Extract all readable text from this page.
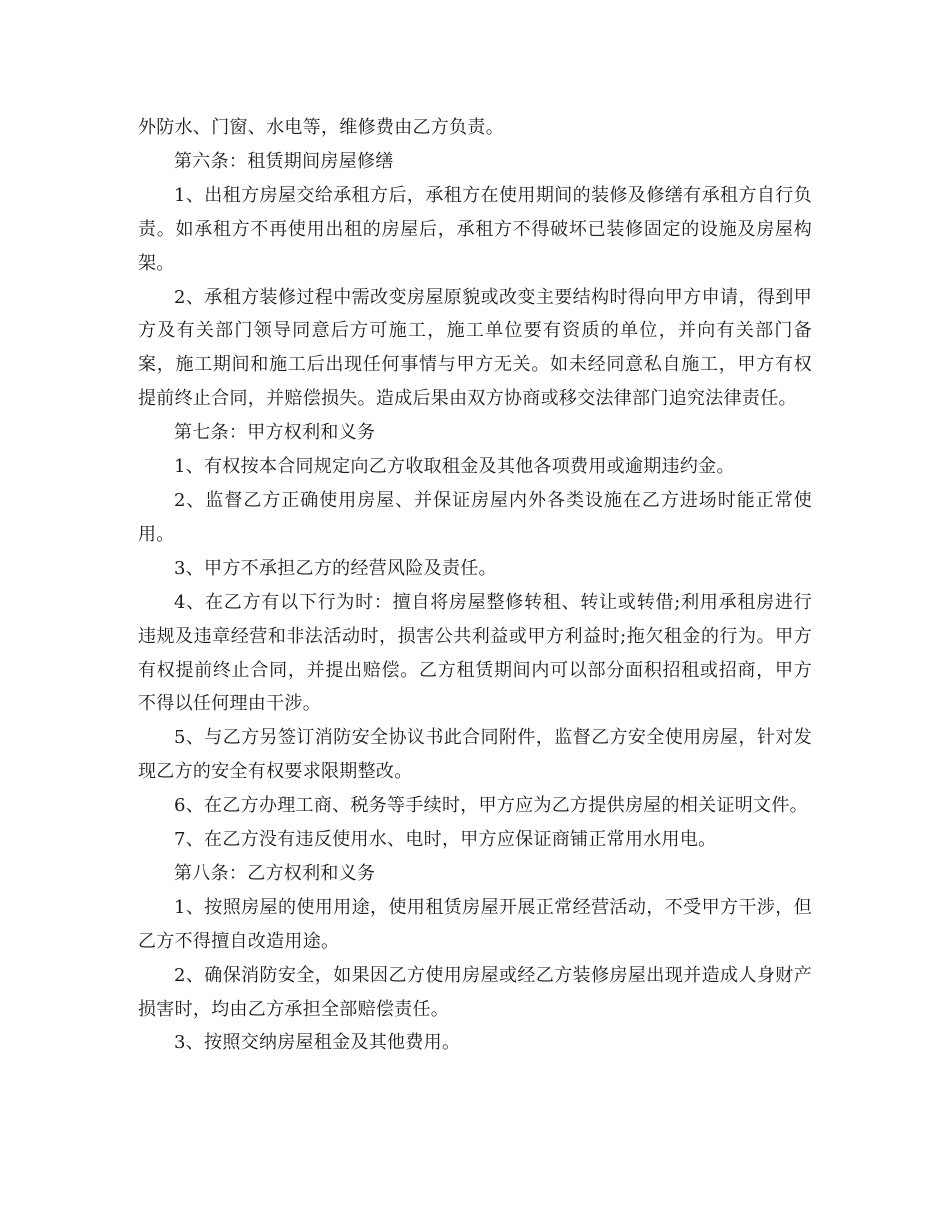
外防水、门窗、水电等，维修费由乙方负责。

第六条：租赁期间房屋修缮

1、出租方房屋交给承租方后，承租方在使用期间的装修及修缮有承租方自行负责。如承租方不再使用出租的房屋后，承租方不得破坏已装修固定的设施及房屋构架。

2、承租方装修过程中需改变房屋原貌或改变主要结构时得向甲方申请，得到甲方及有关部门领导同意后方可施工，施工单位要有资质的单位，并向有关部门备案，施工期间和施工后出现任何事情与甲方无关。如未经同意私自施工，甲方有权提前终止合同，并赔偿损失。造成后果由双方协商或移交法律部门追究法律责任。

第七条：甲方权利和义务

1、有权按本合同规定向乙方收取租金及其他各项费用或逾期违约金。

2、监督乙方正确使用房屋、并保证房屋内外各类设施在乙方进场时能正常使用。

3、甲方不承担乙方的经营风险及责任。

4、在乙方有以下行为时：擅自将房屋整修转租、转让或转借;利用承租房进行违规及违章经营和非法活动时，损害公共利益或甲方利益时;拖欠租金的行为。甲方有权提前终止合同，并提出赔偿。乙方租赁期间内可以部分面积招租或招商，甲方不得以任何理由干涉。

5、与乙方另签订消防安全协议书此合同附件，监督乙方安全使用房屋，针对发现乙方的安全有权要求限期整改。

6、在乙方办理工商、税务等手续时，甲方应为乙方提供房屋的相关证明文件。

7、在乙方没有违反使用水、电时，甲方应保证商铺正常用水用电。

第八条：乙方权利和义务

1、按照房屋的使用用途，使用租赁房屋开展正常经营活动，不受甲方干涉，但乙方不得擅自改造用途。

2、确保消防安全，如果因乙方使用房屋或经乙方装修房屋出现并造成人身财产损害时，均由乙方承担全部赔偿责任。

3、按照交纳房屋租金及其他费用。
